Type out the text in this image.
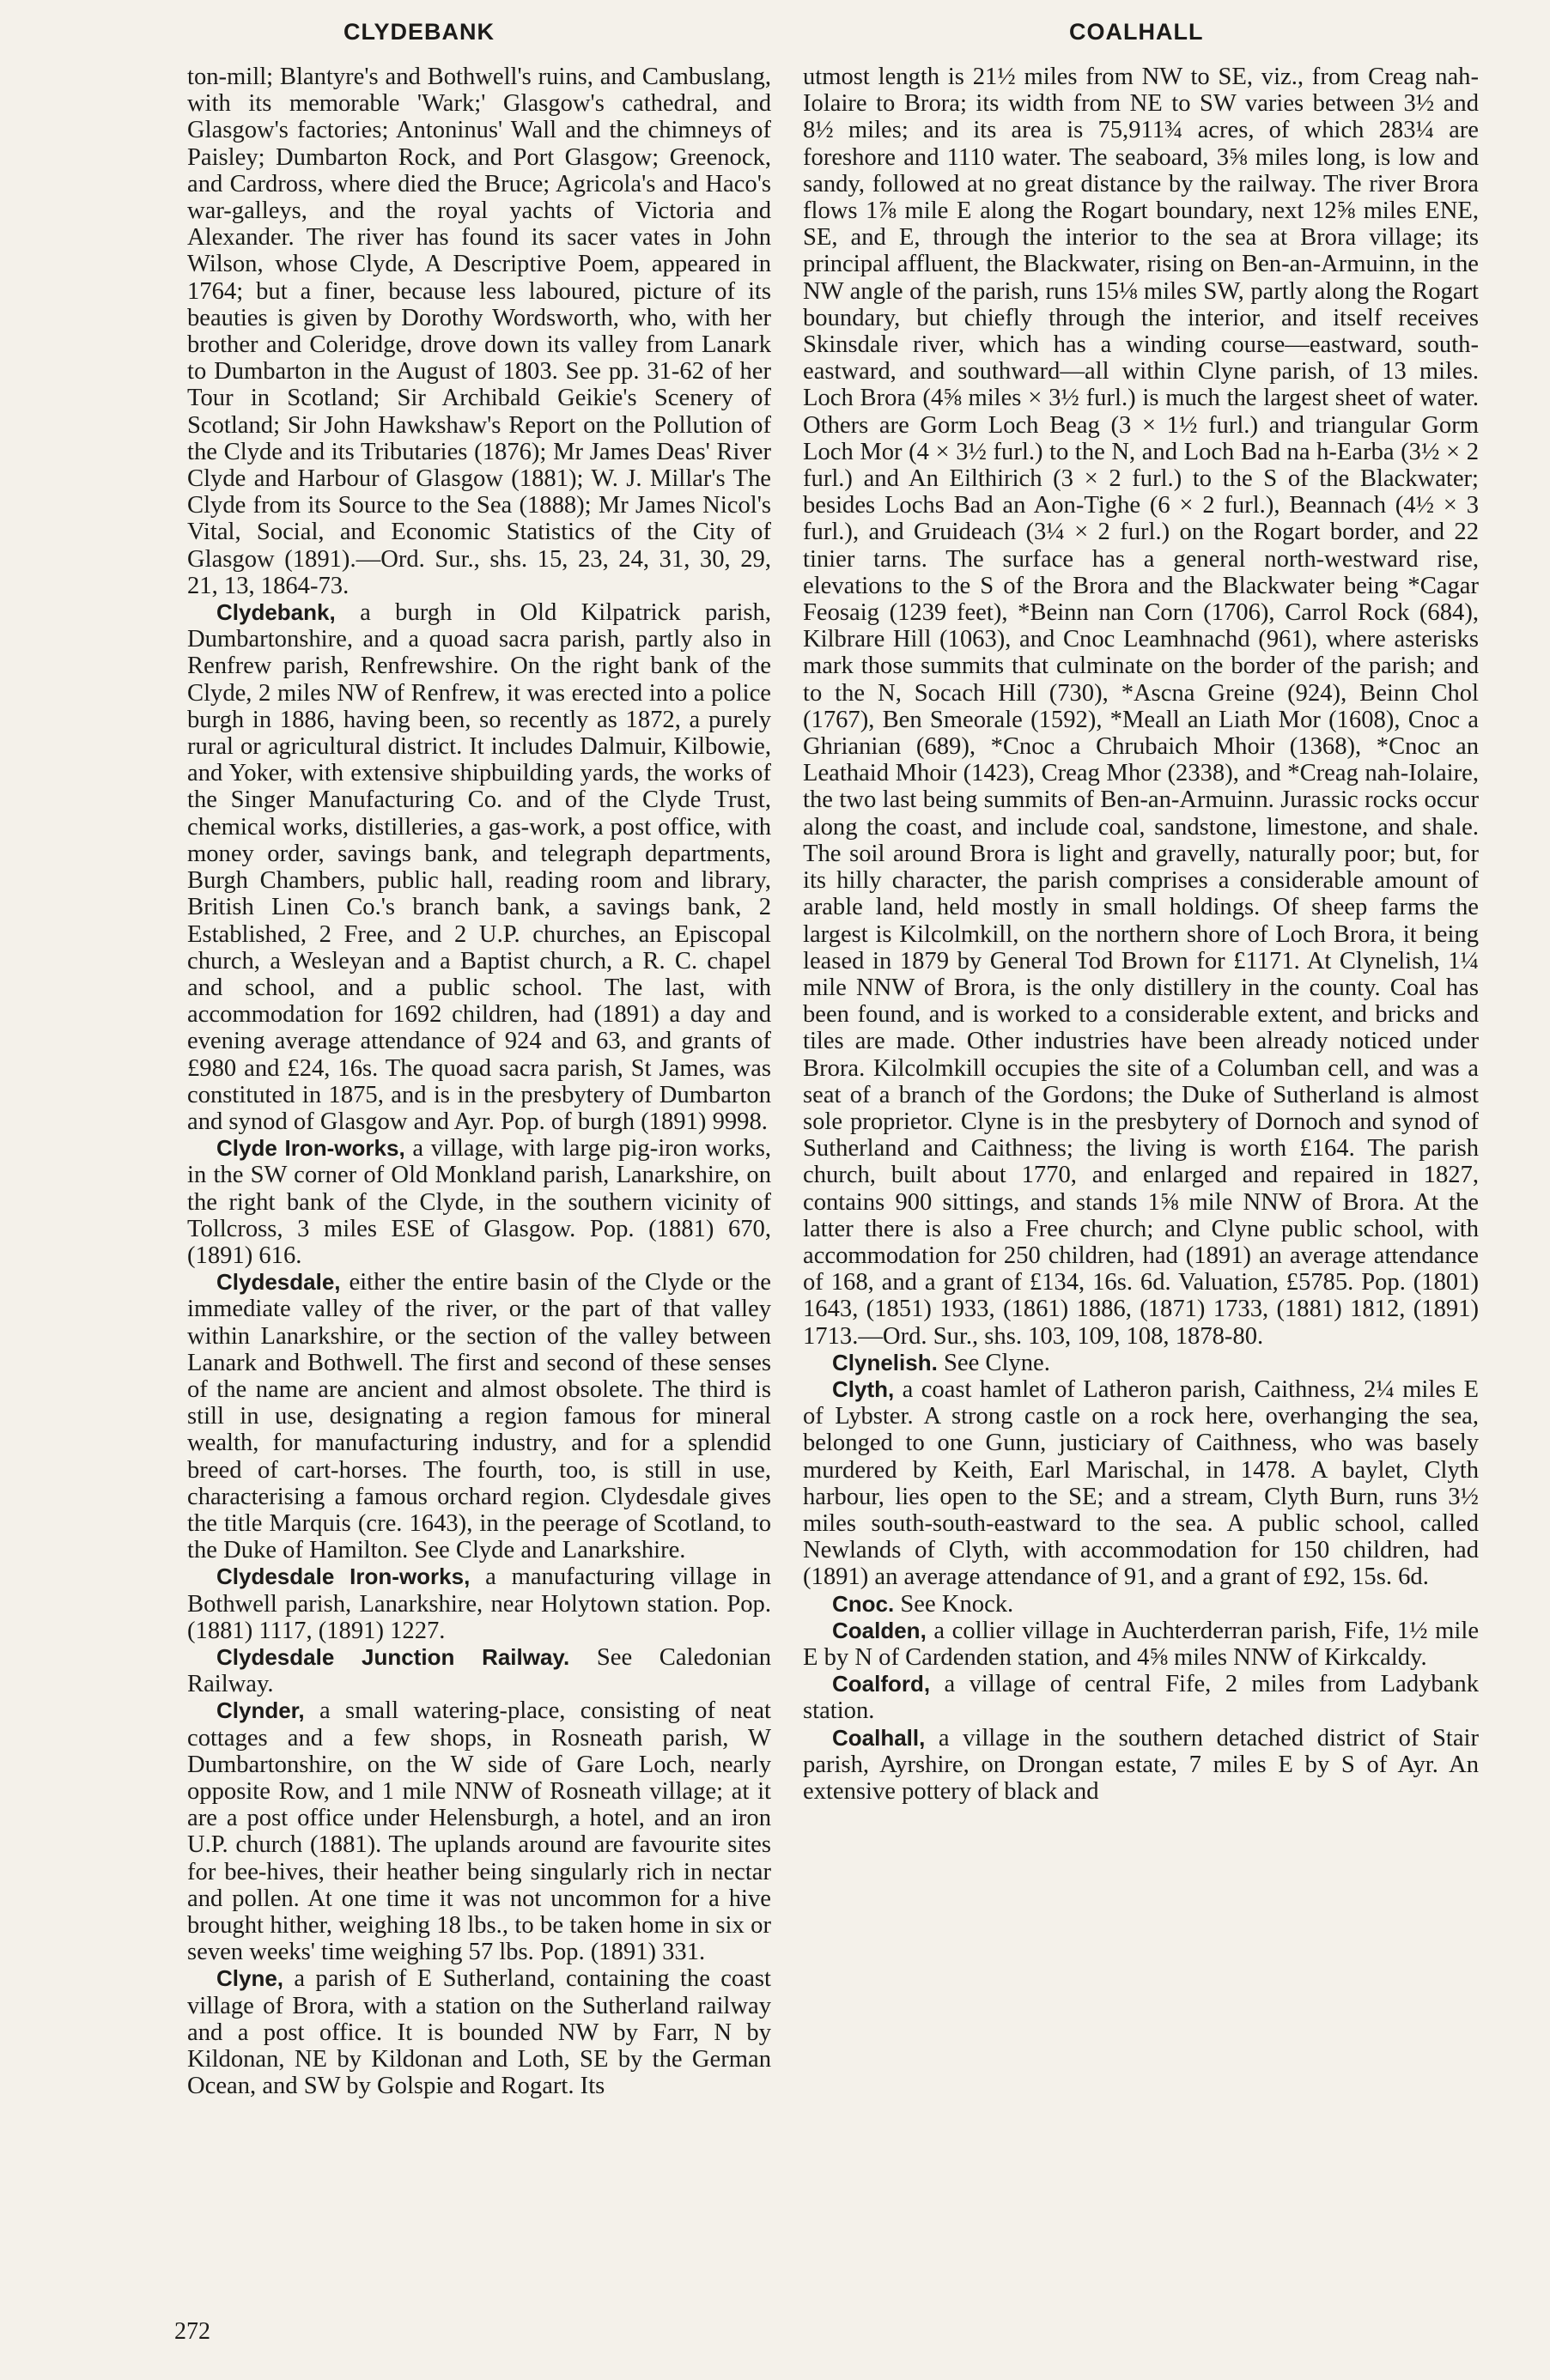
CLYDEBANK	COALHALL

ton-mill; Blantyre's and Bothwell's ruins, and Cambuslang, with its memorable 'Wark;' Glasgow's cathedral, and Glasgow's factories; Antoninus' Wall and the chimneys of Paisley; Dumbarton Rock, and Port Glasgow; Greenock, and Cardross, where died the Bruce; Agricola's and Haco's war-galleys, and the royal yachts of Victoria and Alexander. The river has found its sacer vates in John Wilson, whose Clyde, A Descriptive Poem, appeared in 1764; but a finer, because less laboured, picture of its beauties is given by Dorothy Wordsworth, who, with her brother and Coleridge, drove down its valley from Lanark to Dumbarton in the August of 1803. See pp. 31-62 of her Tour in Scotland; Sir Archibald Geikie's Scenery of Scotland; Sir John Hawkshaw's Report on the Pollution of the Clyde and its Tributaries (1876); Mr James Deas' River Clyde and Harbour of Glasgow (1881); W. J. Millar's The Clyde from its Source to the Sea (1888); Mr James Nicol's Vital, Social, and Economic Statistics of the City of Glasgow (1891).—Ord. Sur., shs. 15, 23, 24, 31, 30, 29, 21, 13, 1864-73.

Clydebank, a burgh in Old Kilpatrick parish, Dumbartonshire, and a quoad sacra parish, partly also in Renfrew parish, Renfrewshire. On the right bank of the Clyde, 2 miles NW of Renfrew, it was erected into a police burgh in 1886, having been, so recently as 1872, a purely rural or agricultural district. It includes Dalmuir, Kilbowie, and Yoker, with extensive shipbuilding yards, the works of the Singer Manufacturing Co. and of the Clyde Trust, chemical works, distilleries, a gas-work, a post office, with money order, savings bank, and telegraph departments, Burgh Chambers, public hall, reading room and library, British Linen Co.'s branch bank, a savings bank, 2 Established, 2 Free, and 2 U.P. churches, an Episcopal church, a Wesleyan and a Baptist church, a R. C. chapel and school, and a public school. The last, with accommodation for 1692 children, had (1891) a day and evening average attendance of 924 and 63, and grants of £980 and £24, 16s. The quoad sacra parish, St James, was constituted in 1875, and is in the presbytery of Dumbarton and synod of Glasgow and Ayr. Pop. of burgh (1891) 9998.

Clyde Iron-works, a village, with large pig-iron works, in the SW corner of Old Monkland parish, Lanarkshire, on the right bank of the Clyde, in the southern vicinity of Tollcross, 3 miles ESE of Glasgow. Pop. (1881) 670, (1891) 616.

Clydesdale, either the entire basin of the Clyde or the immediate valley of the river, or the part of that valley within Lanarkshire, or the section of the valley between Lanark and Bothwell. The first and second of these senses of the name are ancient and almost obsolete. The third is still in use, designating a region famous for mineral wealth, for manufacturing industry, and for a splendid breed of cart-horses. The fourth, too, is still in use, characterising a famous orchard region. Clydesdale gives the title Marquis (cre. 1643), in the peerage of Scotland, to the Duke of Hamilton. See Clyde and Lanarkshire.

Clydesdale Iron-works, a manufacturing village in Bothwell parish, Lanarkshire, near Holytown station. Pop. (1881) 1117, (1891) 1227.

Clydesdale Junction Railway. See Caledonian Railway.

Clynder, a small watering-place, consisting of neat cottages and a few shops, in Rosneath parish, W Dumbartonshire, on the W side of Gare Loch, nearly opposite Row, and 1 mile NNW of Rosneath village; at it are a post office under Helensburgh, a hotel, and an iron U.P. church (1881). The uplands around are favourite sites for bee-hives, their heather being singularly rich in nectar and pollen. At one time it was not uncommon for a hive brought hither, weighing 18 lbs., to be taken home in six or seven weeks' time weighing 57 lbs. Pop. (1891) 331.

Clyne, a parish of E Sutherland, containing the coast village of Brora, with a station on the Sutherland railway and a post office. It is bounded NW by Farr, N by Kildonan, NE by Kildonan and Loth, SE by the German Ocean, and SW by Golspie and Rogart. Its

utmost length is 21½ miles from NW to SE, viz., from Creag nah-Iolaire to Brora; its width from NE to SW varies between 3½ and 8½ miles; and its area is 75,911¾ acres, of which 283¼ are foreshore and 1110 water. The seaboard, 3⅝ miles long, is low and sandy, followed at no great distance by the railway. The river Brora flows 1⅞ mile E along the Rogart boundary, next 12⅝ miles ENE, SE, and E, through the interior to the sea at Brora village; its principal affluent, the Blackwater, rising on Ben-an-Armuinn, in the NW angle of the parish, runs 15⅛ miles SW, partly along the Rogart boundary, but chiefly through the interior, and itself receives Skinsdale river, which has a winding course—eastward, south-eastward, and southward—all within Clyne parish, of 13 miles. Loch Brora (4⅝ miles × 3½ furl.) is much the largest sheet of water. Others are Gorm Loch Beag (3 × 1½ furl.) and triangular Gorm Loch Mor (4 × 3½ furl.) to the N, and Loch Bad na h-Earba (3½ × 2 furl.) and An Eilthirich (3 × 2 furl.) to the S of the Blackwater; besides Lochs Bad an Aon-Tighe (6 × 2 furl.), Beannach (4½ × 3 furl.), and Gruideach (3¼ × 2 furl.) on the Rogart border, and 22 tinier tarns. The surface has a general north-westward rise, elevations to the S of the Brora and the Blackwater being *Cagar Feosaig (1239 feet), *Beinn nan Corn (1706), Carrol Rock (684), Kilbrare Hill (1063), and Cnoc Leamhnachd (961), where asterisks mark those summits that culminate on the border of the parish; and to the N, Socach Hill (730), *Ascna Greine (924), Beinn Chol (1767), Ben Smeorale (1592), *Meall an Liath Mor (1608), Cnoc a Ghrianian (689), *Cnoc a Chrubaich Mhoir (1368), *Cnoc an Leathaid Mhoir (1423), Creag Mhor (2338), and *Creag nah-Iolaire, the two last being summits of Ben-an-Armuinn. Jurassic rocks occur along the coast, and include coal, sandstone, limestone, and shale. The soil around Brora is light and gravelly, naturally poor; but, for its hilly character, the parish comprises a considerable amount of arable land, held mostly in small holdings. Of sheep farms the largest is Kilcolmkill, on the northern shore of Loch Brora, it being leased in 1879 by General Tod Brown for £1171. At Clynelish, 1¼ mile NNW of Brora, is the only distillery in the county. Coal has been found, and is worked to a considerable extent, and bricks and tiles are made. Other industries have been already noticed under Brora. Kilcolmkill occupies the site of a Columban cell, and was a seat of a branch of the Gordons; the Duke of Sutherland is almost sole proprietor. Clyne is in the presbytery of Dornoch and synod of Sutherland and Caithness; the living is worth £164. The parish church, built about 1770, and enlarged and repaired in 1827, contains 900 sittings, and stands 1⅝ mile NNW of Brora. At the latter there is also a Free church; and Clyne public school, with accommodation for 250 children, had (1891) an average attendance of 168, and a grant of £134, 16s. 6d. Valuation, £5785. Pop. (1801) 1643, (1851) 1933, (1861) 1886, (1871) 1733, (1881) 1812, (1891) 1713.—Ord. Sur., shs. 103, 109, 108, 1878-80.

Clynelish. See Clyne.

Clyth, a coast hamlet of Latheron parish, Caithness, 2¼ miles E of Lybster. A strong castle on a rock here, overhanging the sea, belonged to one Gunn, justiciary of Caithness, who was basely murdered by Keith, Earl Marischal, in 1478. A baylet, Clyth harbour, lies open to the SE; and a stream, Clyth Burn, runs 3½ miles south-south-eastward to the sea. A public school, called Newlands of Clyth, with accommodation for 150 children, had (1891) an average attendance of 91, and a grant of £92, 15s. 6d.

Cnoc. See Knock.

Coalden, a collier village in Auchterderran parish, Fife, 1½ mile E by N of Cardenden station, and 4⅝ miles NNW of Kirkcaldy.

Coalford, a village of central Fife, 2 miles from Ladybank station.

Coalhall, a village in the southern detached district of Stair parish, Ayrshire, on Drongan estate, 7 miles E by S of Ayr. An extensive pottery of black and

272
